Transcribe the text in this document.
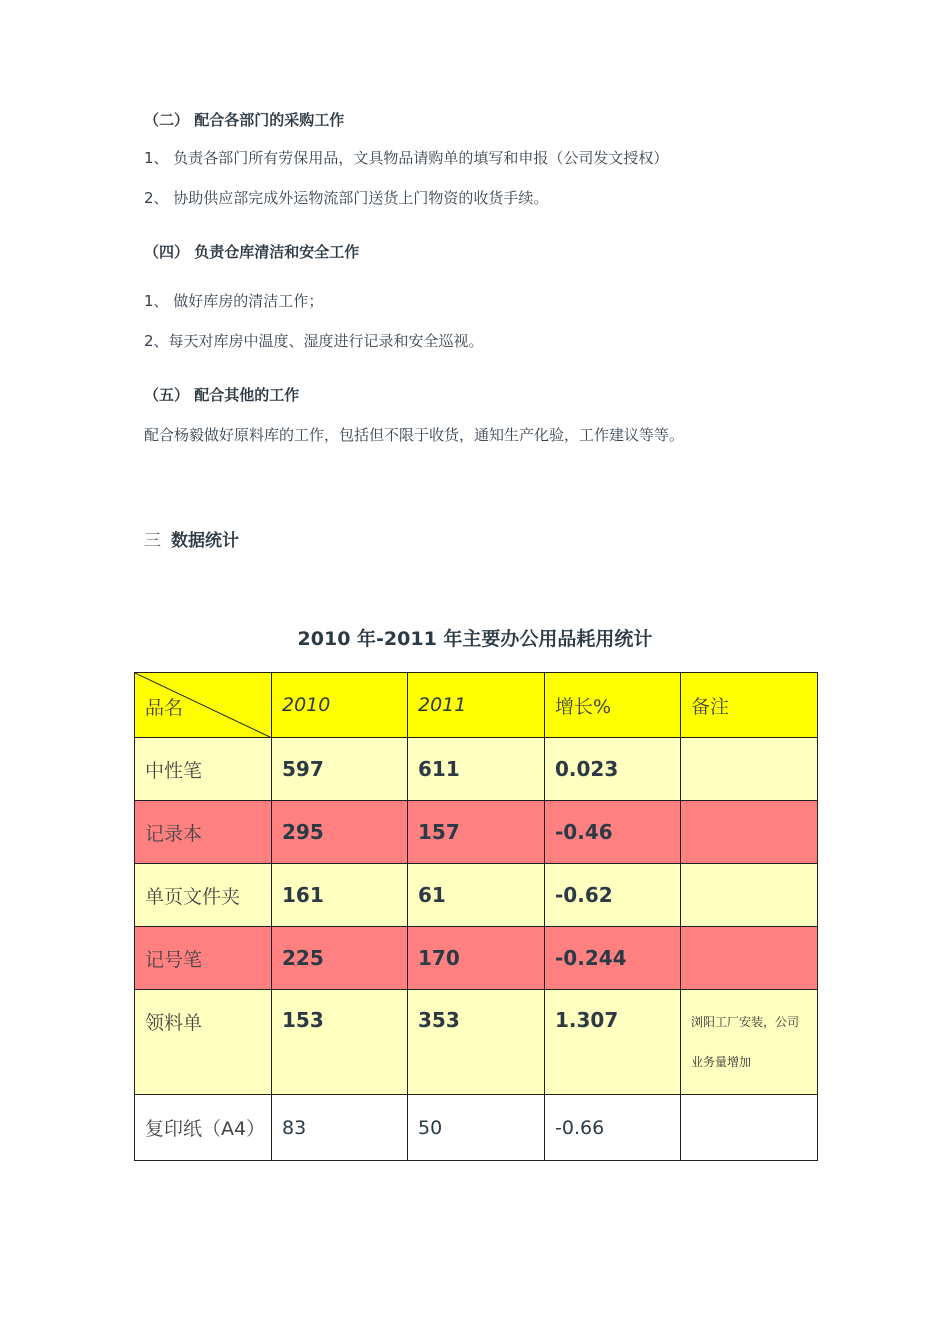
（二） 配合各部门的采购工作
1、 负责各部门所有劳保用品，文具物品请购单的填写和申报（公司发文授权）
2、 协助供应部完成外运物流部门送货上门物资的收货手续。
（四） 负责仓库清洁和安全工作
1、 做好库房的清洁工作；
2、每天对库房中温度、湿度进行记录和安全巡视。
（五） 配合其他的工作
配合杨毅做好原料库的工作，包括但不限于收货，通知生产化验，工作建议等等。
三 数据统计
2010 年-2011 年主要办公用品耗用统计
品名	2010	2011	增长%	备注
中性笔	597	611	0.023	
记录本	295	157	-0.46	
单页文件夹	161	61	-0.62	
记号笔	225	170	-0.244	
领料单	153	353	1.307	浏阳工厂安装，公司业务量增加
复印纸（A4）	83	50	-0.66	
